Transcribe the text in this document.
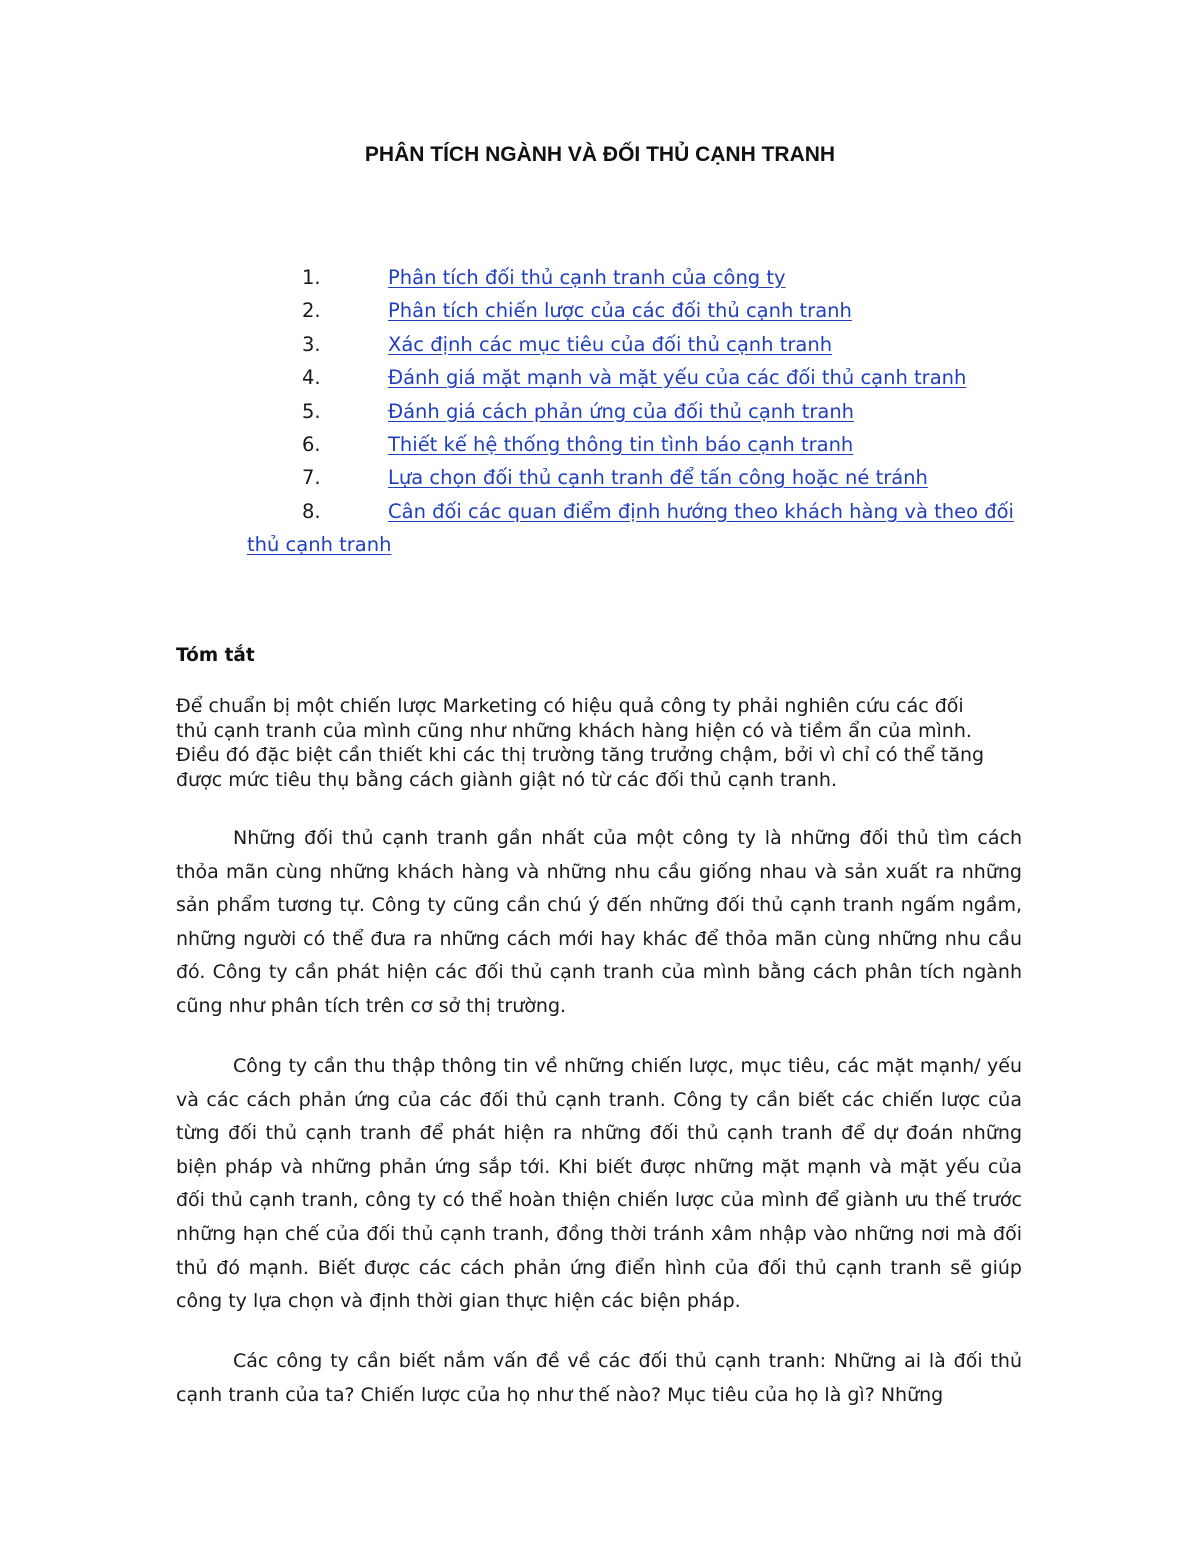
PHÂN TÍCH NGÀNH VÀ ĐỐI THỦ CẠNH TRANH
1.	Phân tích đối thủ cạnh tranh của công ty
2.	Phân tích chiến lược của các đối thủ cạnh tranh
3.	Xác định các mục tiêu của đối thủ cạnh tranh
4.	Đánh giá mặt mạnh và mặt yếu của các đối thủ cạnh tranh
5.	Đánh giá cách phản ứng của đối thủ cạnh tranh
6.	Thiết kế hệ thống thông tin tình báo cạnh tranh
7.	Lựa chọn đối thủ cạnh tranh để tấn công hoặc né tránh
8.	Cân đối các quan điểm định hướng theo khách hàng và theo đối
thủ cạnh tranh
Tóm tắt
Để chuẩn bị một chiến lược Marketing có hiệu quả công ty phải nghiên cứu các đối
thủ cạnh tranh của mình cũng như những khách hàng hiện có và tiềm ẩn của mình.
Điều đó đặc biệt cần thiết khi các thị trường tăng trưởng chậm, bởi vì chỉ có thể tăng
được mức tiêu thụ bằng cách giành giật nó từ các đối thủ cạnh tranh.

Những đối thủ cạnh tranh gần nhất của một công ty là những đối thủ tìm cách thỏa mãn cùng những khách hàng và những nhu cầu giống nhau và sản xuất ra những sản phẩm tương tự. Công ty cũng cần chú ý đến những đối thủ cạnh tranh ngấm ngầm, những người có thể đưa ra những cách mới hay khác để thỏa mãn cùng những nhu cầu đó. Công ty cần phát hiện các đối thủ cạnh tranh của mình bằng cách phân tích ngành cũng như phân tích trên cơ sở thị trường.

Công ty cần thu thập thông tin về những chiến lược, mục tiêu, các mặt mạnh/ yếu và các cách phản ứng của các đối thủ cạnh tranh. Công ty cần biết các chiến lược của từng đối thủ cạnh tranh để phát hiện ra những đối thủ cạnh tranh để dự đoán những biện pháp và những phản ứng sắp tới. Khi biết được những mặt mạnh và mặt yếu của đối thủ cạnh tranh, công ty có thể hoàn thiện chiến lược của mình để giành ưu thế trước những hạn chế của đối thủ cạnh tranh, đồng thời tránh xâm nhập vào những nơi mà đối thủ đó mạnh. Biết được các cách phản ứng điển hình của đối thủ cạnh tranh sẽ giúp công ty lựa chọn và định thời gian thực hiện các biện pháp.

Các công ty cần biết nắm vấn đề về các đối thủ cạnh tranh: Những ai là đối thủ cạnh tranh của ta? Chiến lược của họ như thế nào? Mục tiêu của họ là gì? Những
